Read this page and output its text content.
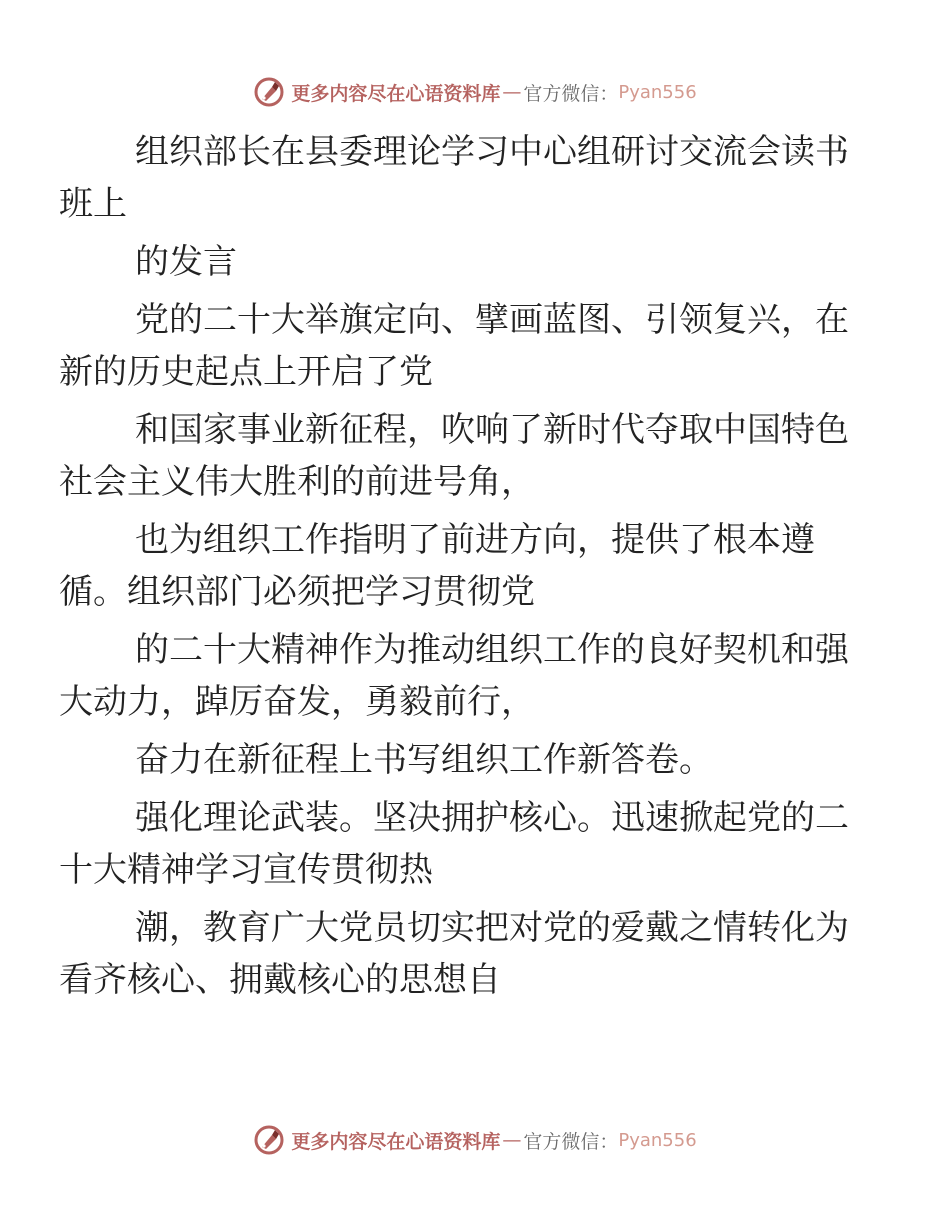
更多内容尽在心语资料库 — 官方微信： Pyan556

组织部长在县委理论学习中心组研讨交流会读书
班上

的发言

党的二十大举旗定向、擘画蓝图、引领复兴，在
新的历史起点上开启了党

和国家事业新征程，吹响了新时代夺取中国特色
社会主义伟大胜利的前进号角，

也为组织工作指明了前进方向，提供了根本遵
循。组织部门必须把学习贯彻党

的二十大精神作为推动组织工作的良好契机和强
大动力，踔厉奋发，勇毅前行，

奋力在新征程上书写组织工作新答卷。

强化理论武装。坚决拥护核心。迅速掀起党的二
十大精神学习宣传贯彻热

潮，教育广大党员切实把对党的爱戴之情转化为
看齐核心、拥戴核心的思想自

更多内容尽在心语资料库 — 官方微信： Pyan556
